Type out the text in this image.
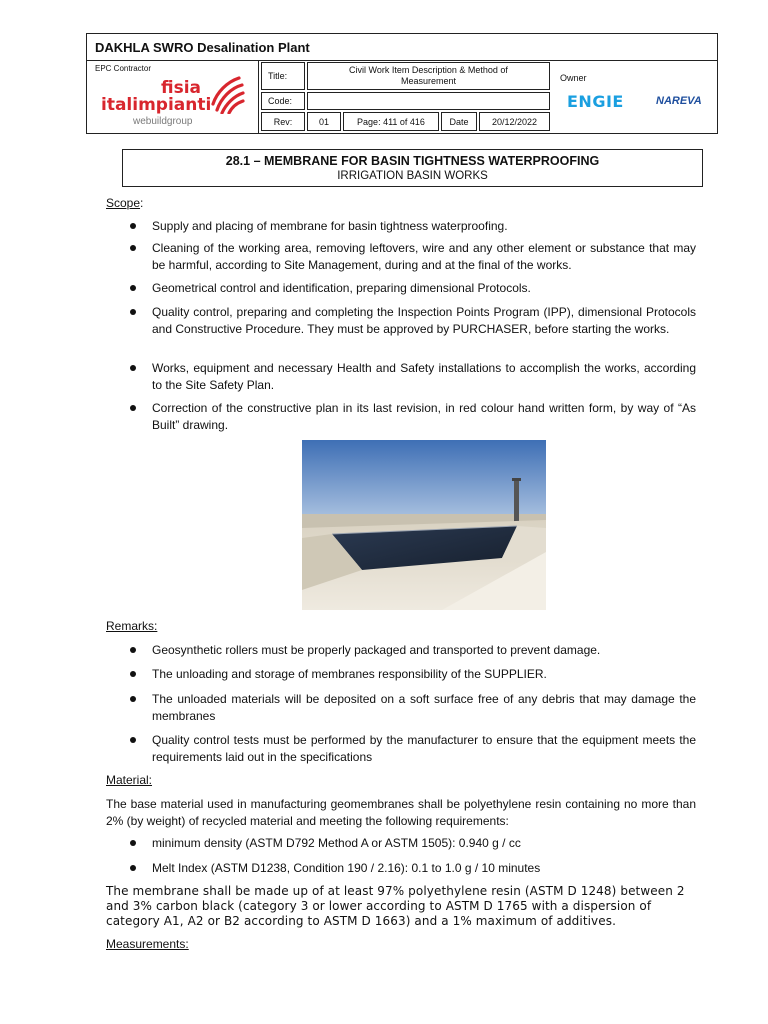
DAKHLA SWRO Desalination Plant
EPC Contractor
fisia
italimpianti
webuildgroup
Title:
Civil Work Item Description & Method of Measurement
Code:
Rev:	01	Page: 411 of 416	Date	20/12/2022
Owner
ENGIE	NAREVA
28.1 – MEMBRANE FOR BASIN TIGHTNESS WATERPROOFING
IRRIGATION BASIN WORKS
Scope:
Supply and placing of membrane for basin tightness waterproofing.
Cleaning of the working area, removing leftovers, wire and any other element or substance that may be harmful, according to Site Management, during and at the final of the works.
Geometrical control and identification, preparing dimensional Protocols.
Quality control, preparing and completing the Inspection Points Program (IPP), dimensional Protocols and Constructive Procedure. They must be approved by PURCHASER, before starting the works.
Works, equipment and necessary Health and Safety installations to accomplish the works, according to the Site Safety Plan.
Correction of the constructive plan in its last revision, in red colour hand written form, by way of “As Built” drawing.
Remarks:
Geosynthetic rollers must be properly packaged and transported to prevent damage.
The unloading and storage of membranes responsibility of the SUPPLIER.
The unloaded materials will be deposited on a soft surface free of any debris that may damage the membranes
Quality control tests must be performed by the manufacturer to ensure that the equipment meets the requirements laid out in the specifications
Material:
The base material used in manufacturing geomembranes shall be polyethylene resin containing no more than 2% (by weight) of recycled material and meeting the following requirements:
minimum density (ASTM D792 Method A or ASTM 1505): 0.940 g / cc
Melt Index (ASTM D1238, Condition 190 / 2.16): 0.1 to 1.0 g / 10 minutes
The membrane shall be made up of at least 97% polyethylene resin (ASTM D 1248) between 2 and 3% carbon black (category 3 or lower according to ASTM D 1765 with a dispersion of category A1, A2 or B2 according to ASTM D 1663) and a 1% maximum of additives.
Measurements:
